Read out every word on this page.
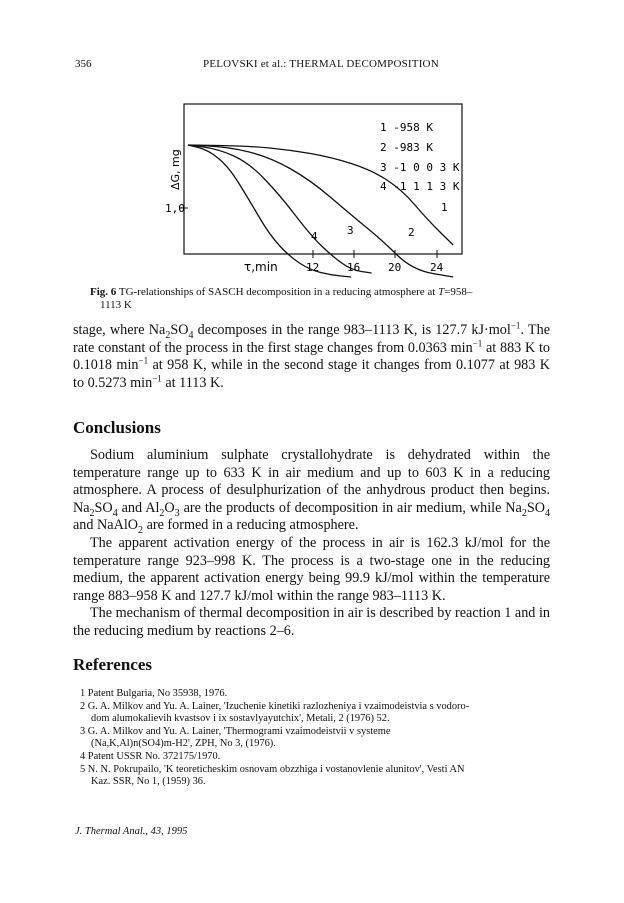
356	PELOVSKI et al.: THERMAL DECOMPOSITION
12	16	20	24
1,0
ΔG, mg
τ,min
1 -958 K
2 -983 K
3 -1 0 0 3 K
4 -1 1 1 3 K
1
2
3
4
Fig. 6 TG-relationships of SASCH decomposition in a reducing atmosphere at T=958–
1113 K

stage, where $Na_2SO_4$ decomposes in the range 983–1113 K, is 127.7 kJ·mol$^{-1}$. The rate constant of the process in the first stage changes from 0.0363 $\min^{-1}$ at 883 K to 0.1018 $\min^{-1}$ at 958 K, while in the second stage it changes from 0.1077 at 983 K to 0.5273 $\min^{-1}$ at 1113 K.

Conclusions

Sodium aluminium sulphate crystallohydrate is dehydrated within the temperature range up to 633 K in air medium and up to 603 K in a reducing atmosphere. A process of desulphurization of the anhydrous product then begins. $Na_2SO_4$ and $Al_2O_3$ are the products of decomposition in air medium, while $Na_2SO_4$ and NaAlO$_2$ are formed in a reducing atmosphere.

The apparent activation energy of the process in air is 162.3 kJ/mol for the temperature range 923–998 K. The process is a two-stage one in the reducing medium, the apparent activation energy being 99.9 kJ/mol within the temperature range 883–958 K and 127.7 kJ/mol within the range 983–1113 K.

The mechanism of thermal decomposition in air is described by reaction 1 and in the reducing medium by reactions 2–6.

References
1 Patent Bulgaria, No 35938, 1976.
2 G. A. Milkov and Yu. A. Lainer, 'Izuchenie kinetiki razlozheniya i vzaimodeistvia s vodoro-
dom alumokalievih kvastsov i ix sostavlyayutchix', Metali, 2 (1976) 52.
3 G. A. Milkov and Yu. A. Lainer, 'Thermogrami vzaimodeistvii v systeme
(Na,K,Al)n(SO4)m-H2', ZPH, No 3, (1976).
4 Patent USSR No. 372175/1970.
5 N. N. Pokrupailo, 'K teoreticheskim osnovam obzzhiga i vostanovlenie alunitov', Vesti AN
Kaz. SSR, No 1, (1959) 36.
J. Thermal Anal., 43, 1995
